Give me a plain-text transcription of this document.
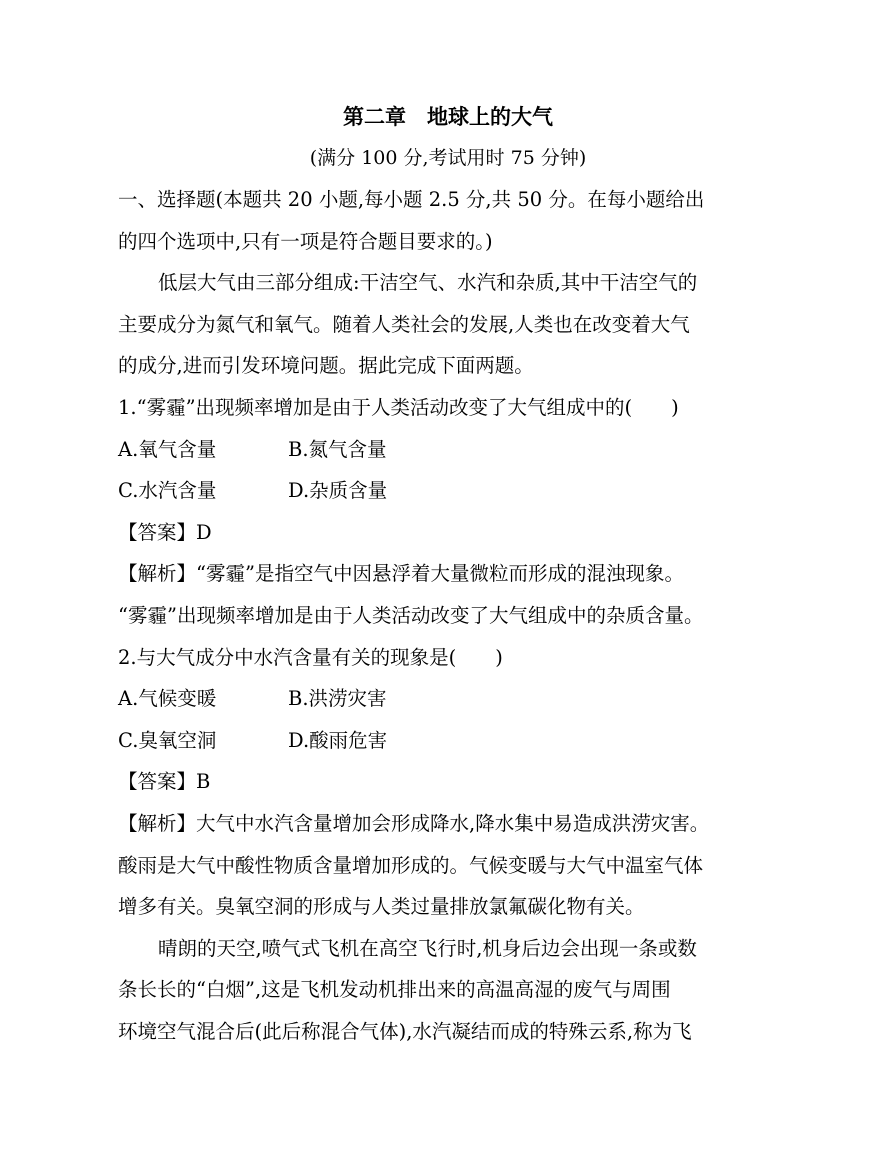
第二章　地球上的大气
(满分 100 分,考试用时 75 分钟)
一、选择题(本题共 20 小题,每小题 2.5 分,共 50 分。在每小题给出
的四个选项中,只有一项是符合题目要求的。)
低层大气由三部分组成:干洁空气、水汽和杂质,其中干洁空气的
主要成分为氮气和氧气。随着人类社会的发展,人类也在改变着大气
的成分,进而引发环境问题。据此完成下面两题。
1.“雾霾”出现频率增加是由于人类活动改变了大气组成中的(　　)
A.氧气含量	B.氮气含量
C.水汽含量	D.杂质含量
【答案】D
【解析】“雾霾”是指空气中因悬浮着大量微粒而形成的混浊现象。
“雾霾”出现频率增加是由于人类活动改变了大气组成中的杂质含量。
2.与大气成分中水汽含量有关的现象是(　　)
A.气候变暖	B.洪涝灾害
C.臭氧空洞	D.酸雨危害
【答案】B
【解析】大气中水汽含量增加会形成降水,降水集中易造成洪涝灾害。
酸雨是大气中酸性物质含量增加形成的。气候变暖与大气中温室气体
增多有关。臭氧空洞的形成与人类过量排放氯氟碳化物有关。
晴朗的天空,喷气式飞机在高空飞行时,机身后边会出现一条或数
条长长的“白烟”,这是飞机发动机排出来的高温高湿的废气与周围
环境空气混合后(此后称混合气体),水汽凝结而成的特殊云系,称为飞
